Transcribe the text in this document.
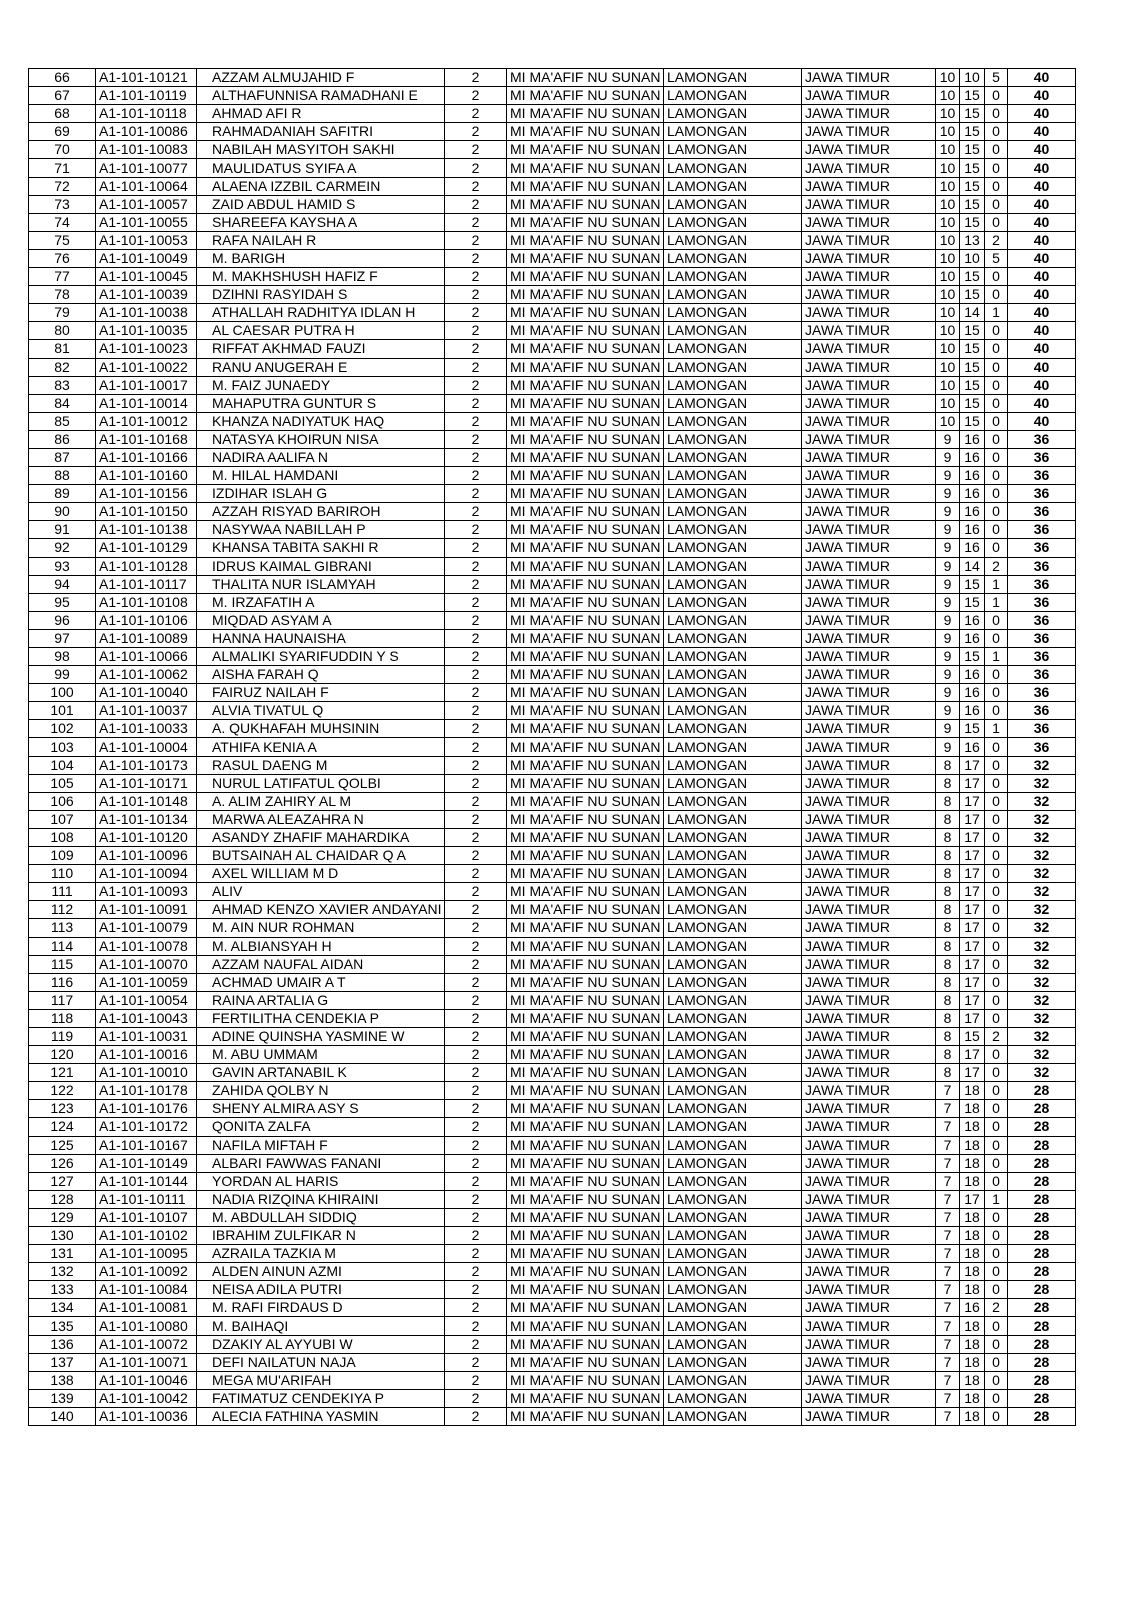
66	A1-101-10121	AZZAM ALMUJAHID F	2	MI MA'AFIF NU SUNAN	LAMONGAN	JAWA TIMUR	10	10	5	40
67	A1-101-10119	ALTHAFUNNISA RAMADHANI E	2	MI MA'AFIF NU SUNAN	LAMONGAN	JAWA TIMUR	10	15	0	40
68	A1-101-10118	AHMAD AFI R	2	MI MA'AFIF NU SUNAN	LAMONGAN	JAWA TIMUR	10	15	0	40
69	A1-101-10086	RAHMADANIAH SAFITRI	2	MI MA'AFIF NU SUNAN	LAMONGAN	JAWA TIMUR	10	15	0	40
70	A1-101-10083	NABILAH MASYITOH SAKHI	2	MI MA'AFIF NU SUNAN	LAMONGAN	JAWA TIMUR	10	15	0	40
71	A1-101-10077	MAULIDATUS SYIFA A	2	MI MA'AFIF NU SUNAN	LAMONGAN	JAWA TIMUR	10	15	0	40
72	A1-101-10064	ALAENA IZZBIL CARMEIN	2	MI MA'AFIF NU SUNAN	LAMONGAN	JAWA TIMUR	10	15	0	40
73	A1-101-10057	ZAID ABDUL HAMID S	2	MI MA'AFIF NU SUNAN	LAMONGAN	JAWA TIMUR	10	15	0	40
74	A1-101-10055	SHAREEFA KAYSHA A	2	MI MA'AFIF NU SUNAN	LAMONGAN	JAWA TIMUR	10	15	0	40
75	A1-101-10053	RAFA NAILAH R	2	MI MA'AFIF NU SUNAN	LAMONGAN	JAWA TIMUR	10	13	2	40
76	A1-101-10049	M. BARIGH	2	MI MA'AFIF NU SUNAN	LAMONGAN	JAWA TIMUR	10	10	5	40
77	A1-101-10045	M. MAKHSHUSH HAFIZ F	2	MI MA'AFIF NU SUNAN	LAMONGAN	JAWA TIMUR	10	15	0	40
78	A1-101-10039	DZIHNI RASYIDAH S	2	MI MA'AFIF NU SUNAN	LAMONGAN	JAWA TIMUR	10	15	0	40
79	A1-101-10038	ATHALLAH RADHITYA IDLAN H	2	MI MA'AFIF NU SUNAN	LAMONGAN	JAWA TIMUR	10	14	1	40
80	A1-101-10035	AL CAESAR PUTRA H	2	MI MA'AFIF NU SUNAN	LAMONGAN	JAWA TIMUR	10	15	0	40
81	A1-101-10023	RIFFAT AKHMAD FAUZI	2	MI MA'AFIF NU SUNAN	LAMONGAN	JAWA TIMUR	10	15	0	40
82	A1-101-10022	RANU ANUGERAH E	2	MI MA'AFIF NU SUNAN	LAMONGAN	JAWA TIMUR	10	15	0	40
83	A1-101-10017	M. FAIZ JUNAEDY	2	MI MA'AFIF NU SUNAN	LAMONGAN	JAWA TIMUR	10	15	0	40
84	A1-101-10014	MAHAPUTRA GUNTUR S	2	MI MA'AFIF NU SUNAN	LAMONGAN	JAWA TIMUR	10	15	0	40
85	A1-101-10012	KHANZA NADIYATUK HAQ	2	MI MA'AFIF NU SUNAN	LAMONGAN	JAWA TIMUR	10	15	0	40
86	A1-101-10168	NATASYA KHOIRUN NISA	2	MI MA'AFIF NU SUNAN	LAMONGAN	JAWA TIMUR	9	16	0	36
87	A1-101-10166	NADIRA AALIFA N	2	MI MA'AFIF NU SUNAN	LAMONGAN	JAWA TIMUR	9	16	0	36
88	A1-101-10160	M. HILAL HAMDANI	2	MI MA'AFIF NU SUNAN	LAMONGAN	JAWA TIMUR	9	16	0	36
89	A1-101-10156	IZDIHAR ISLAH G	2	MI MA'AFIF NU SUNAN	LAMONGAN	JAWA TIMUR	9	16	0	36
90	A1-101-10150	AZZAH RISYAD BARIROH	2	MI MA'AFIF NU SUNAN	LAMONGAN	JAWA TIMUR	9	16	0	36
91	A1-101-10138	NASYWAA NABILLAH P	2	MI MA'AFIF NU SUNAN	LAMONGAN	JAWA TIMUR	9	16	0	36
92	A1-101-10129	KHANSA TABITA SAKHI R	2	MI MA'AFIF NU SUNAN	LAMONGAN	JAWA TIMUR	9	16	0	36
93	A1-101-10128	IDRUS KAIMAL GIBRANI	2	MI MA'AFIF NU SUNAN	LAMONGAN	JAWA TIMUR	9	14	2	36
94	A1-101-10117	THALITA NUR ISLAMYAH	2	MI MA'AFIF NU SUNAN	LAMONGAN	JAWA TIMUR	9	15	1	36
95	A1-101-10108	M. IRZAFATIH A	2	MI MA'AFIF NU SUNAN	LAMONGAN	JAWA TIMUR	9	15	1	36
96	A1-101-10106	MIQDAD ASYAM A	2	MI MA'AFIF NU SUNAN	LAMONGAN	JAWA TIMUR	9	16	0	36
97	A1-101-10089	HANNA HAUNAISHA	2	MI MA'AFIF NU SUNAN	LAMONGAN	JAWA TIMUR	9	16	0	36
98	A1-101-10066	ALMALIKI SYARIFUDDIN Y S	2	MI MA'AFIF NU SUNAN	LAMONGAN	JAWA TIMUR	9	15	1	36
99	A1-101-10062	AISHA FARAH Q	2	MI MA'AFIF NU SUNAN	LAMONGAN	JAWA TIMUR	9	16	0	36
100	A1-101-10040	FAIRUZ NAILAH F	2	MI MA'AFIF NU SUNAN	LAMONGAN	JAWA TIMUR	9	16	0	36
101	A1-101-10037	ALVIA TIVATUL Q	2	MI MA'AFIF NU SUNAN	LAMONGAN	JAWA TIMUR	9	16	0	36
102	A1-101-10033	A. QUKHAFAH MUHSININ	2	MI MA'AFIF NU SUNAN	LAMONGAN	JAWA TIMUR	9	15	1	36
103	A1-101-10004	ATHIFA KENIA A	2	MI MA'AFIF NU SUNAN	LAMONGAN	JAWA TIMUR	9	16	0	36
104	A1-101-10173	RASUL DAENG M	2	MI MA'AFIF NU SUNAN	LAMONGAN	JAWA TIMUR	8	17	0	32
105	A1-101-10171	NURUL LATIFATUL QOLBI	2	MI MA'AFIF NU SUNAN	LAMONGAN	JAWA TIMUR	8	17	0	32
106	A1-101-10148	A. ALIM ZAHIRY AL M	2	MI MA'AFIF NU SUNAN	LAMONGAN	JAWA TIMUR	8	17	0	32
107	A1-101-10134	MARWA ALEAZAHRA N	2	MI MA'AFIF NU SUNAN	LAMONGAN	JAWA TIMUR	8	17	0	32
108	A1-101-10120	ASANDY ZHAFIF MAHARDIKA	2	MI MA'AFIF NU SUNAN	LAMONGAN	JAWA TIMUR	8	17	0	32
109	A1-101-10096	BUTSAINAH AL CHAIDAR Q A	2	MI MA'AFIF NU SUNAN	LAMONGAN	JAWA TIMUR	8	17	0	32
110	A1-101-10094	AXEL WILLIAM M D	2	MI MA'AFIF NU SUNAN	LAMONGAN	JAWA TIMUR	8	17	0	32
111	A1-101-10093	ALIV	2	MI MA'AFIF NU SUNAN	LAMONGAN	JAWA TIMUR	8	17	0	32
112	A1-101-10091	AHMAD KENZO XAVIER ANDAYANI	2	MI MA'AFIF NU SUNAN	LAMONGAN	JAWA TIMUR	8	17	0	32
113	A1-101-10079	M. AIN NUR ROHMAN	2	MI MA'AFIF NU SUNAN	LAMONGAN	JAWA TIMUR	8	17	0	32
114	A1-101-10078	M. ALBIANSYAH H	2	MI MA'AFIF NU SUNAN	LAMONGAN	JAWA TIMUR	8	17	0	32
115	A1-101-10070	AZZAM NAUFAL AIDAN	2	MI MA'AFIF NU SUNAN	LAMONGAN	JAWA TIMUR	8	17	0	32
116	A1-101-10059	ACHMAD UMAIR A T	2	MI MA'AFIF NU SUNAN	LAMONGAN	JAWA TIMUR	8	17	0	32
117	A1-101-10054	RAINA ARTALIA G	2	MI MA'AFIF NU SUNAN	LAMONGAN	JAWA TIMUR	8	17	0	32
118	A1-101-10043	FERTILITHA CENDEKIA P	2	MI MA'AFIF NU SUNAN	LAMONGAN	JAWA TIMUR	8	17	0	32
119	A1-101-10031	ADINE QUINSHA YASMINE W	2	MI MA'AFIF NU SUNAN	LAMONGAN	JAWA TIMUR	8	15	2	32
120	A1-101-10016	M. ABU UMMAM	2	MI MA'AFIF NU SUNAN	LAMONGAN	JAWA TIMUR	8	17	0	32
121	A1-101-10010	GAVIN ARTANABIL K	2	MI MA'AFIF NU SUNAN	LAMONGAN	JAWA TIMUR	8	17	0	32
122	A1-101-10178	ZAHIDA QOLBY N	2	MI MA'AFIF NU SUNAN	LAMONGAN	JAWA TIMUR	7	18	0	28
123	A1-101-10176	SHENY ALMIRA ASY S	2	MI MA'AFIF NU SUNAN	LAMONGAN	JAWA TIMUR	7	18	0	28
124	A1-101-10172	QONITA ZALFA	2	MI MA'AFIF NU SUNAN	LAMONGAN	JAWA TIMUR	7	18	0	28
125	A1-101-10167	NAFILA MIFTAH F	2	MI MA'AFIF NU SUNAN	LAMONGAN	JAWA TIMUR	7	18	0	28
126	A1-101-10149	ALBARI FAWWAS FANANI	2	MI MA'AFIF NU SUNAN	LAMONGAN	JAWA TIMUR	7	18	0	28
127	A1-101-10144	YORDAN AL HARIS	2	MI MA'AFIF NU SUNAN	LAMONGAN	JAWA TIMUR	7	18	0	28
128	A1-101-10111	NADIA RIZQINA KHIRAINI	2	MI MA'AFIF NU SUNAN	LAMONGAN	JAWA TIMUR	7	17	1	28
129	A1-101-10107	M. ABDULLAH SIDDIQ	2	MI MA'AFIF NU SUNAN	LAMONGAN	JAWA TIMUR	7	18	0	28
130	A1-101-10102	IBRAHIM ZULFIKAR N	2	MI MA'AFIF NU SUNAN	LAMONGAN	JAWA TIMUR	7	18	0	28
131	A1-101-10095	AZRAILA TAZKIA M	2	MI MA'AFIF NU SUNAN	LAMONGAN	JAWA TIMUR	7	18	0	28
132	A1-101-10092	ALDEN AINUN AZMI	2	MI MA'AFIF NU SUNAN	LAMONGAN	JAWA TIMUR	7	18	0	28
133	A1-101-10084	NEISA ADILA PUTRI	2	MI MA'AFIF NU SUNAN	LAMONGAN	JAWA TIMUR	7	18	0	28
134	A1-101-10081	M. RAFI FIRDAUS D	2	MI MA'AFIF NU SUNAN	LAMONGAN	JAWA TIMUR	7	16	2	28
135	A1-101-10080	M. BAIHAQI	2	MI MA'AFIF NU SUNAN	LAMONGAN	JAWA TIMUR	7	18	0	28
136	A1-101-10072	DZAKIY AL AYYUBI W	2	MI MA'AFIF NU SUNAN	LAMONGAN	JAWA TIMUR	7	18	0	28
137	A1-101-10071	DEFI NAILATUN NAJA	2	MI MA'AFIF NU SUNAN	LAMONGAN	JAWA TIMUR	7	18	0	28
138	A1-101-10046	MEGA MU'ARIFAH	2	MI MA'AFIF NU SUNAN	LAMONGAN	JAWA TIMUR	7	18	0	28
139	A1-101-10042	FATIMATUZ CENDEKIYA P	2	MI MA'AFIF NU SUNAN	LAMONGAN	JAWA TIMUR	7	18	0	28
140	A1-101-10036	ALECIA FATHINA YASMIN	2	MI MA'AFIF NU SUNAN	LAMONGAN	JAWA TIMUR	7	18	0	28
